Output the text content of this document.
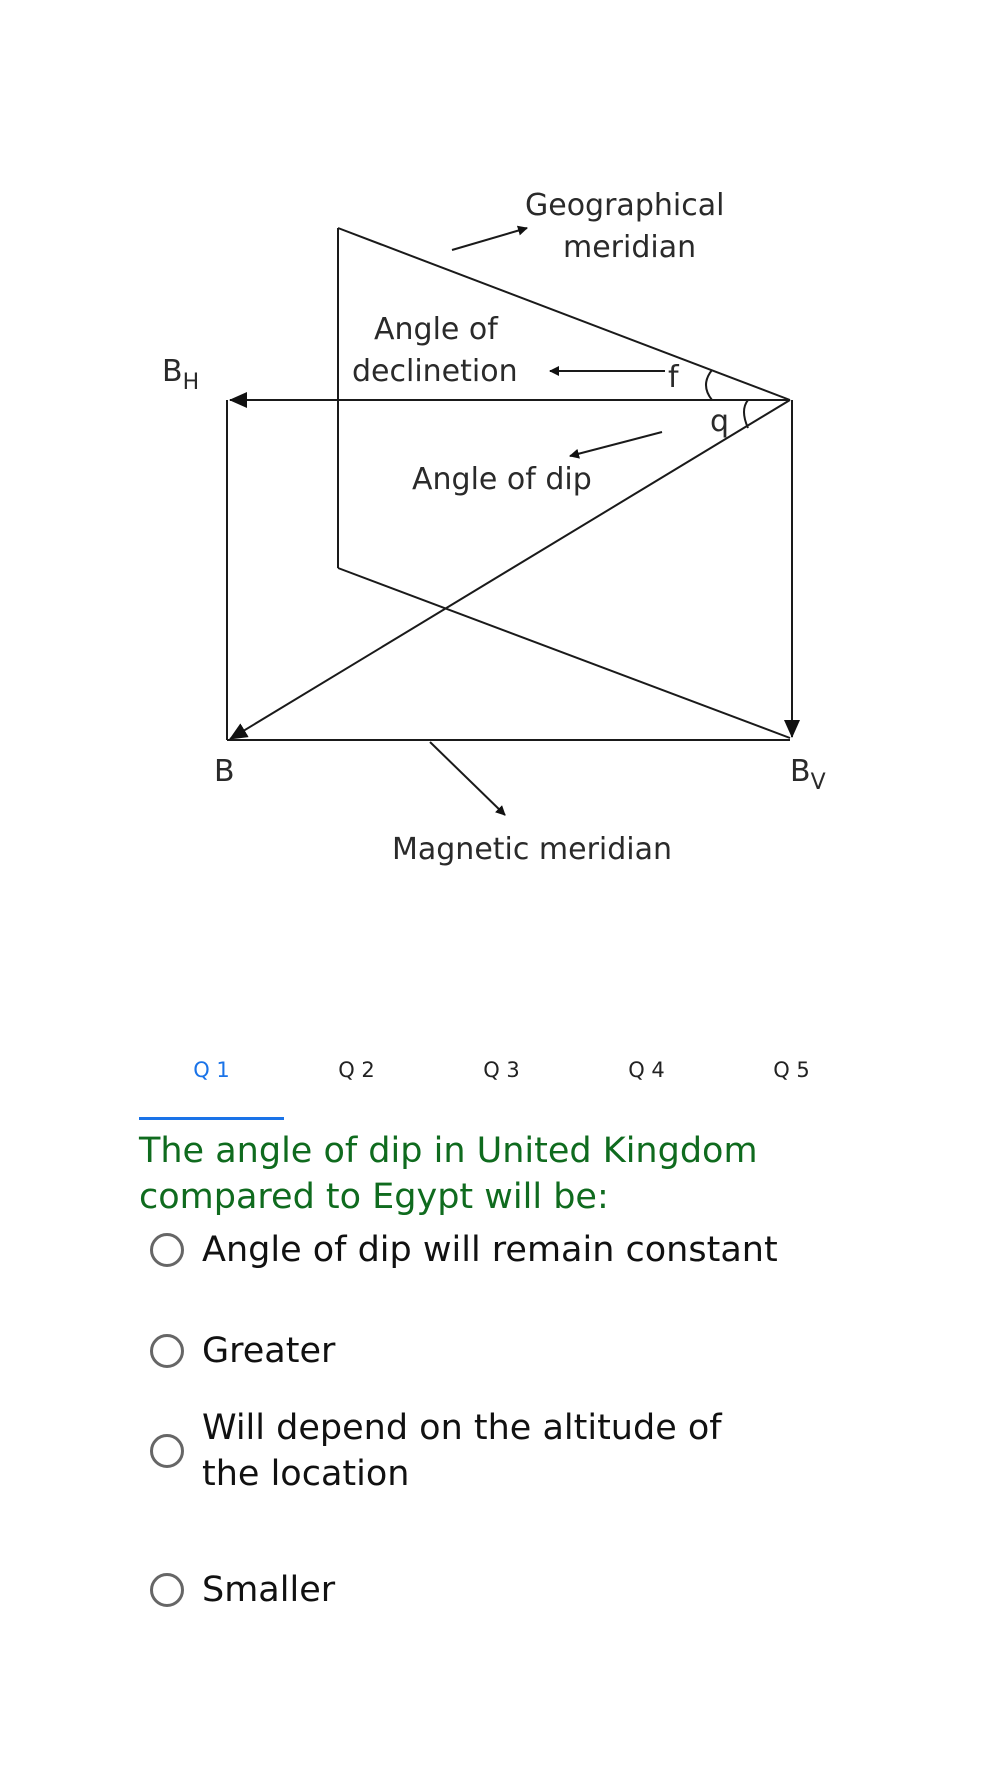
Geographical
meridian
Angle of
declinetion	f
q
Angle of dip
$B_H$
B	$B_V$
Magnetic meridian
Q 1	Q 2	Q 3	Q 4	Q 5
The angle of dip in United Kingdom compared to Egypt will be:
Angle of dip will remain constant
Greater
Will depend on the altitude of the location
Smaller
